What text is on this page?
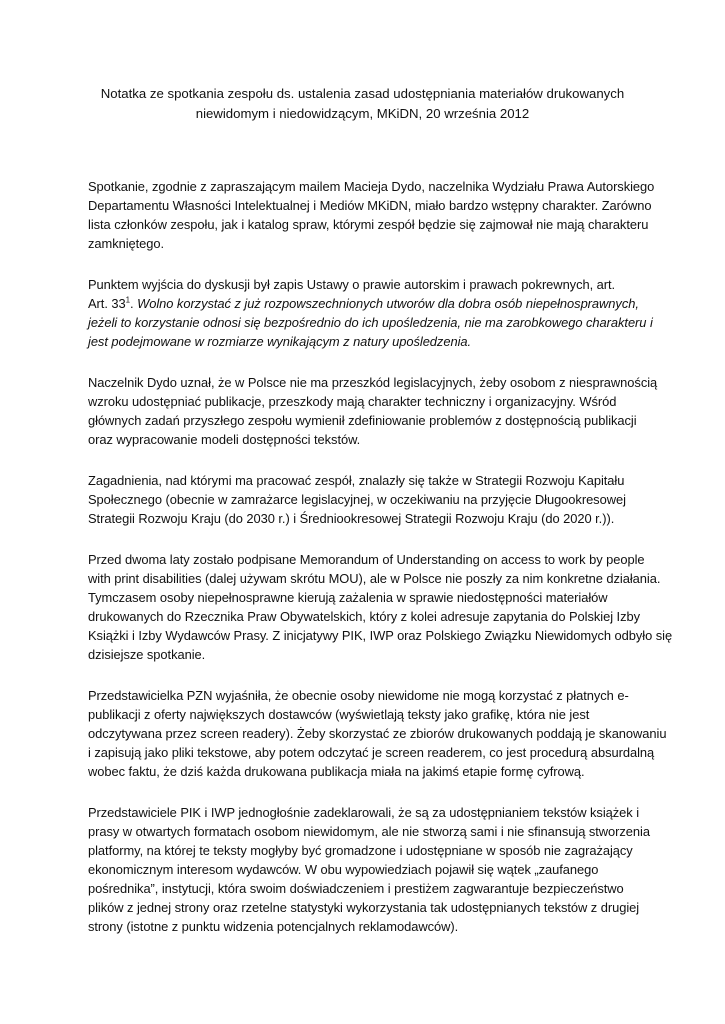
Notatka ze spotkania zespołu ds. ustalenia zasad udostępniania materiałów drukowanych
niewidomym i niedowidzącym, MKiDN, 20 września 2012

Spotkanie, zgodnie z zapraszającym mailem Macieja Dydo, naczelnika Wydziału Prawa Autorskiego
Departamentu Własności Intelektualnej i Mediów MKiDN, miało bardzo wstępny charakter. Zarówno
lista członków zespołu, jak i katalog spraw, którymi zespół będzie się zajmował nie mają charakteru
zamkniętego.

Punktem wyjścia do dyskusji był zapis Ustawy o prawie autorskim i prawach pokrewnych, art.
Art. $33^1$. Wolno korzystać z już rozpowszechnionych utworów dla dobra osób niepełnosprawnych,
jeżeli to korzystanie odnosi się bezpośrednio do ich upośledzenia, nie ma zarobkowego charakteru i
jest podejmowane w rozmiarze wynikającym z natury upośledzenia.

Naczelnik Dydo uznał, że w Polsce nie ma przeszkód legislacyjnych, żeby osobom z niesprawnością
wzroku udostępniać publikacje, przeszkody mają charakter techniczny i organizacyjny. Wśród
głównych zadań przyszłego zespołu wymienił zdefiniowanie problemów z dostępnością publikacji
oraz wypracowanie modeli dostępności tekstów.

Zagadnienia, nad którymi ma pracować zespół, znalazły się także w Strategii Rozwoju Kapitału
Społecznego (obecnie w zamrażarce legislacyjnej, w oczekiwaniu na przyjęcie Długookresowej
Strategii Rozwoju Kraju (do 2030 r.) i Średniookresowej Strategii Rozwoju Kraju (do 2020 r.)).

Przed dwoma laty zostało podpisane Memorandum of Understanding on access to work by people
with print disabilities (dalej używam skrótu MOU), ale w Polsce nie poszły za nim konkretne działania.
Tymczasem osoby niepełnosprawne kierują zażalenia w sprawie niedostępności materiałów
drukowanych do Rzecznika Praw Obywatelskich, który z kolei adresuje zapytania do Polskiej Izby
Książki i Izby Wydawców Prasy. Z inicjatywy PIK, IWP oraz Polskiego Związku Niewidomych odbyło się
dzisiejsze spotkanie.

Przedstawicielka PZN wyjaśniła, że obecnie osoby niewidome nie mogą korzystać z płatnych e-
publikacji z oferty największych dostawców (wyświetlają teksty jako grafikę, która nie jest
odczytywana przez screen readery). Żeby skorzystać ze zbiorów drukowanych poddają je skanowaniu
i zapisują jako pliki tekstowe, aby potem odczytać je screen readerem, co jest procedurą absurdalną
wobec faktu, że dziś każda drukowana publikacja miała na jakimś etapie formę cyfrową.

Przedstawiciele PIK i IWP jednogłośnie zadeklarowali, że są za udostępnianiem tekstów książek i
prasy w otwartych formatach osobom niewidomym, ale nie stworzą sami i nie sfinansują stworzenia
platformy, na której te teksty mogłyby być gromadzone i udostępniane w sposób nie zagrażający
ekonomicznym interesom wydawców. W obu wypowiedziach pojawił się wątek „zaufanego
pośrednika”, instytucji, która swoim doświadczeniem i prestiżem zagwarantuje bezpieczeństwo
plików z jednej strony oraz rzetelne statystyki wykorzystania tak udostępnianych tekstów z drugiej
strony (istotne z punktu widzenia potencjalnych reklamodawców).
